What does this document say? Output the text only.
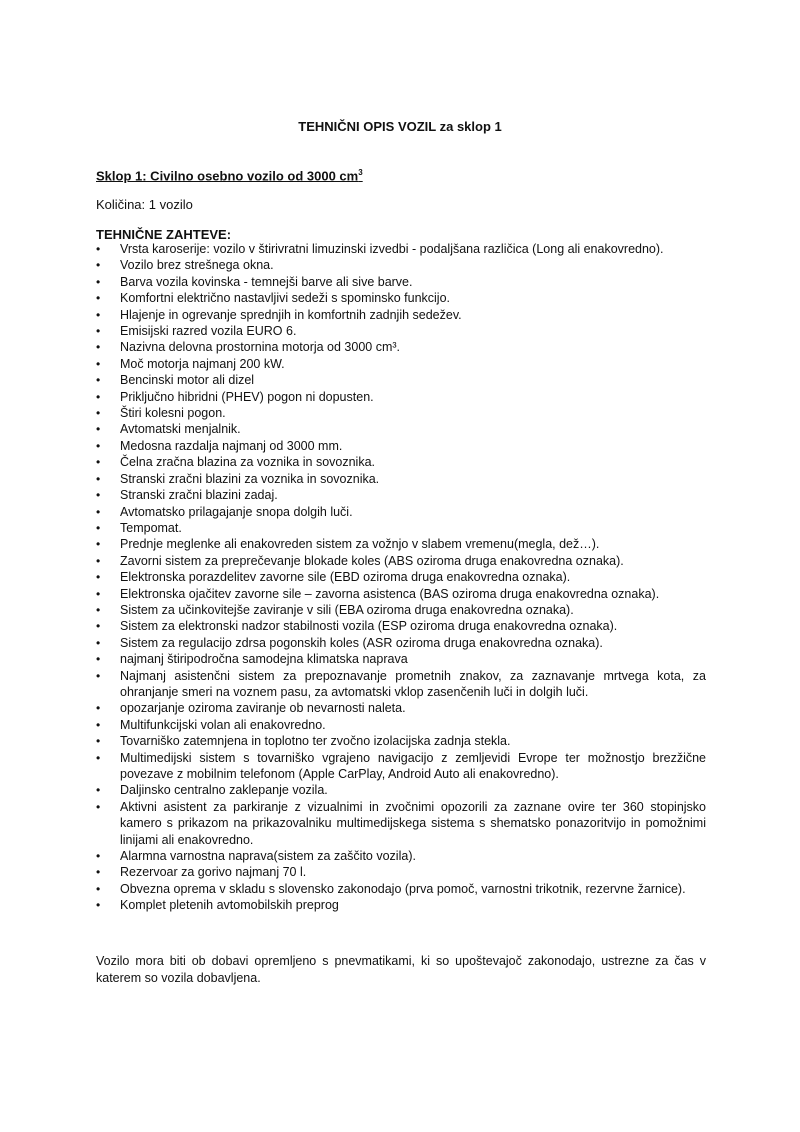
TEHNIČNI OPIS VOZIL za sklop 1
Sklop 1: Civilno osebno vozilo od 3000 $cm^3$
Količina: 1 vozilo
TEHNIČNE ZAHTEVE:
• Vrsta karoserije: vozilo v štirivratni limuzinski izvedbi - podaljšana različica (Long ali enakovredno).
• Vozilo brez strešnega okna.
• Barva vozila kovinska - temnejši barve ali sive barve.
• Komfortni električno nastavljivi sedeži s spominsko funkcijo.
• Hlajenje in ogrevanje sprednjih in komfortnih zadnjih sedežev.
• Emisijski razred vozila EURO 6.
• Nazivna delovna prostornina motorja od 3000 cm³.
• Moč motorja najmanj 200 kW.
• Bencinski motor ali dizel
• Priključno hibridni (PHEV) pogon ni dopusten.
• Štiri kolesni pogon.
• Avtomatski menjalnik.
• Medosna razdalja najmanj od 3000 mm.
• Čelna zračna blazina za voznika in sovoznika.
• Stranski zračni blazini za voznika in sovoznika.
• Stranski zračni blazini zadaj.
• Avtomatsko prilagajanje snopa dolgih luči.
• Tempomat.
• Prednje meglenke ali enakovreden sistem za vožnjo v slabem vremenu(megla, dež…).
• Zavorni sistem za preprečevanje blokade koles (ABS oziroma druga enakovredna oznaka).
• Elektronska porazdelitev zavorne sile (EBD oziroma druga enakovredna oznaka).
• Elektronska ojačitev zavorne sile – zavorna asistenca (BAS oziroma druga enakovredna oznaka).
• Sistem za učinkovitejše zaviranje v sili (EBA oziroma druga enakovredna oznaka).
• Sistem za elektronski nadzor stabilnosti vozila (ESP oziroma druga enakovredna oznaka).
• Sistem za regulacijo zdrsa pogonskih koles (ASR oziroma druga enakovredna oznaka).
• najmanj štiripodročna samodejna klimatska naprava
• Najmanj asistenčni sistem za prepoznavanje prometnih znakov, za zaznavanje mrtvega kota, za ohranjanje smeri na voznem pasu, za avtomatski vklop zasenčenih luči in dolgih luči.
• opozarjanje oziroma zaviranje ob nevarnosti naleta.
• Multifunkcijski volan ali enakovredno.
• Tovarniško zatemnjena in toplotno ter zvočno izolacijska zadnja stekla.
• Multimedijski sistem s tovarniško vgrajeno navigacijo z zemljevidi Evrope ter možnostjo brezžične povezave z mobilnim telefonom (Apple CarPlay, Android Auto ali enakovredno).
• Daljinsko centralno zaklepanje vozila.
• Aktivni asistent za parkiranje z vizualnimi in zvočnimi opozorili za zaznane ovire ter 360 stopinjsko kamero s prikazom na prikazovalniku multimedijskega sistema s shematsko ponazoritvijo in pomožnimi linijami ali enakovredno.
• Alarmna varnostna naprava(sistem za zaščito vozila).
• Rezervoar za gorivo najmanj 70 l.
• Obvezna oprema v skladu s slovensko zakonodajo (prva pomoč, varnostni trikotnik, rezervne žarnice).
• Komplet pletenih avtomobilskih preprog
Vozilo mora biti ob dobavi opremljeno s pnevmatikami, ki so upoštevajoč zakonodajo, ustrezne za čas v katerem so vozila dobavljena.
